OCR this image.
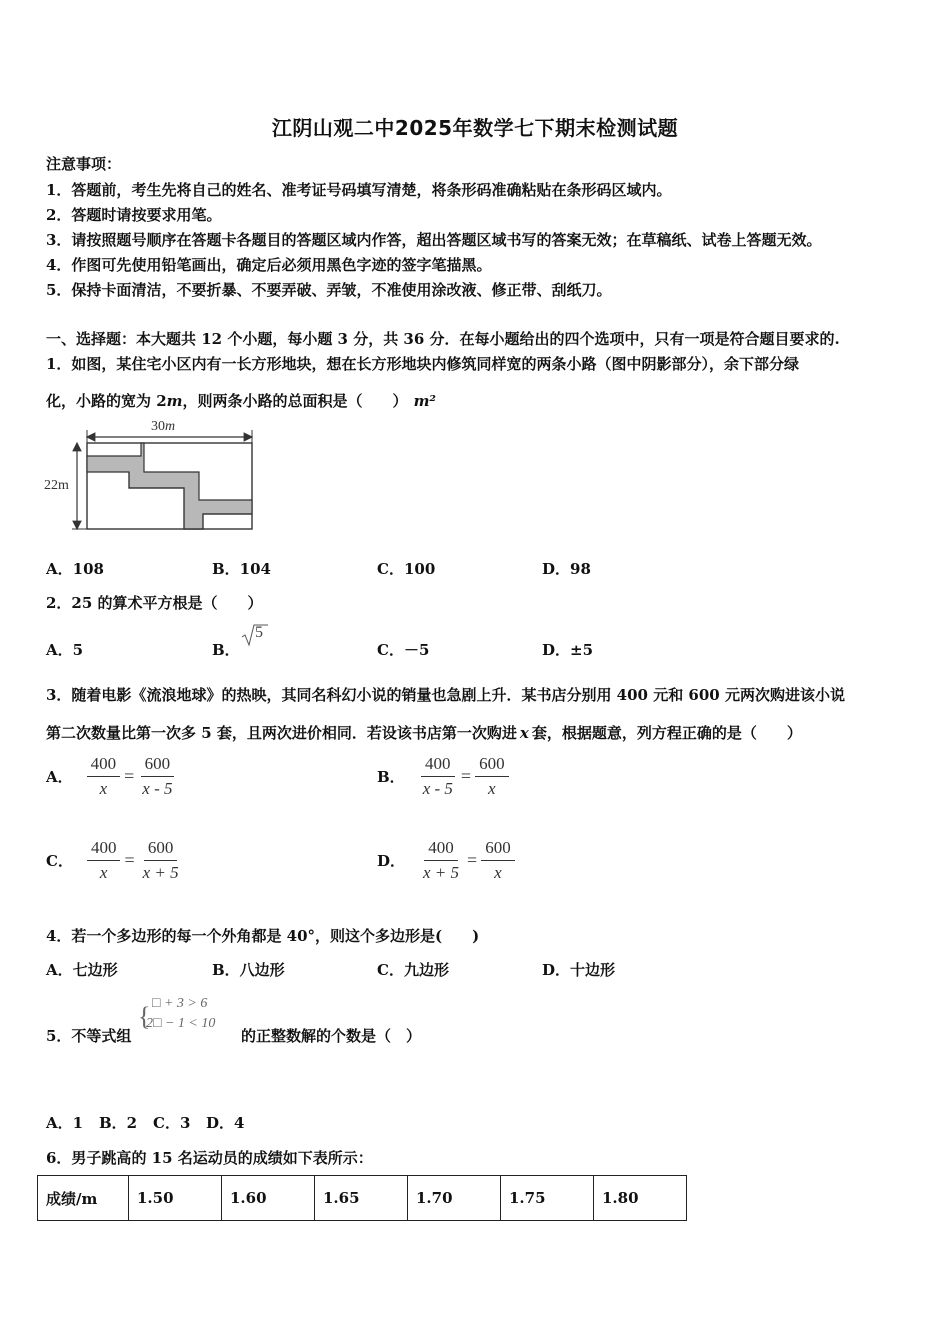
江阴山观二中2025年数学七下期末检测试题
注意事项：
1．答题前，考生先将自己的姓名、准考证号码填写清楚，将条形码准确粘贴在条形码区域内。
2．答题时请按要求用笔。
3．请按照题号顺序在答题卡各题目的答题区域内作答，超出答题区域书写的答案无效；在草稿纸、试卷上答题无效。
4．作图可先使用铅笔画出，确定后必须用黑色字迹的签字笔描黑。
5．保持卡面清洁，不要折暴、不要弄破、弄皱，不准使用涂改液、修正带、刮纸刀。
一、选择题：本大题共 12 个小题，每小题 3 分，共 36 分．在每小题给出的四个选项中，只有一项是符合题目要求的.
1．如图，某住宅小区内有一长方形地块，想在长方形地块内修筑同样宽的两条小路（图中阴影部分），余下部分绿
化，小路的宽为 2m，则两条小路的总面积是（　　） m²
30m
22m
A．108	B．104	C．100	D．98
2．25 的算术平方根是（　　）
A．5	B．
5
C．－5	D．±5
3．随着电影《流浪地球》的热映，其同名科幻小说的销量也急剧上升．某书店分别用 400 元和 600 元两次购进该小说
第二次数量比第一次多 5 套，且两次进价相同．若设该书店第一次购进 x 套，根据题意，列方程正确的是（　　）
A． $\frac{400}{x} = \frac{600}{x - 5}$	B． $\frac{400}{x - 5} = \frac{600}{x}$
C． $\frac{400}{x} = \frac{600}{x + 5}$	D． $\frac{400}{x + 5} = \frac{600}{x}$
4．若一个多边形的每一个外角都是 40°，则这个多边形是(　　)
A．七边形	B．八边形	C．九边形	D．十边形
5．不等式组
{ □ + 3 > 6
2□ − 1 < 10
的正整数解的个数是（　）
A．1 B．2 C．3 D．4
6．男子跳高的 15 名运动员的成绩如下表所示：
成绩/m	1.50	1.60	1.65	1.70	1.75	1.80
